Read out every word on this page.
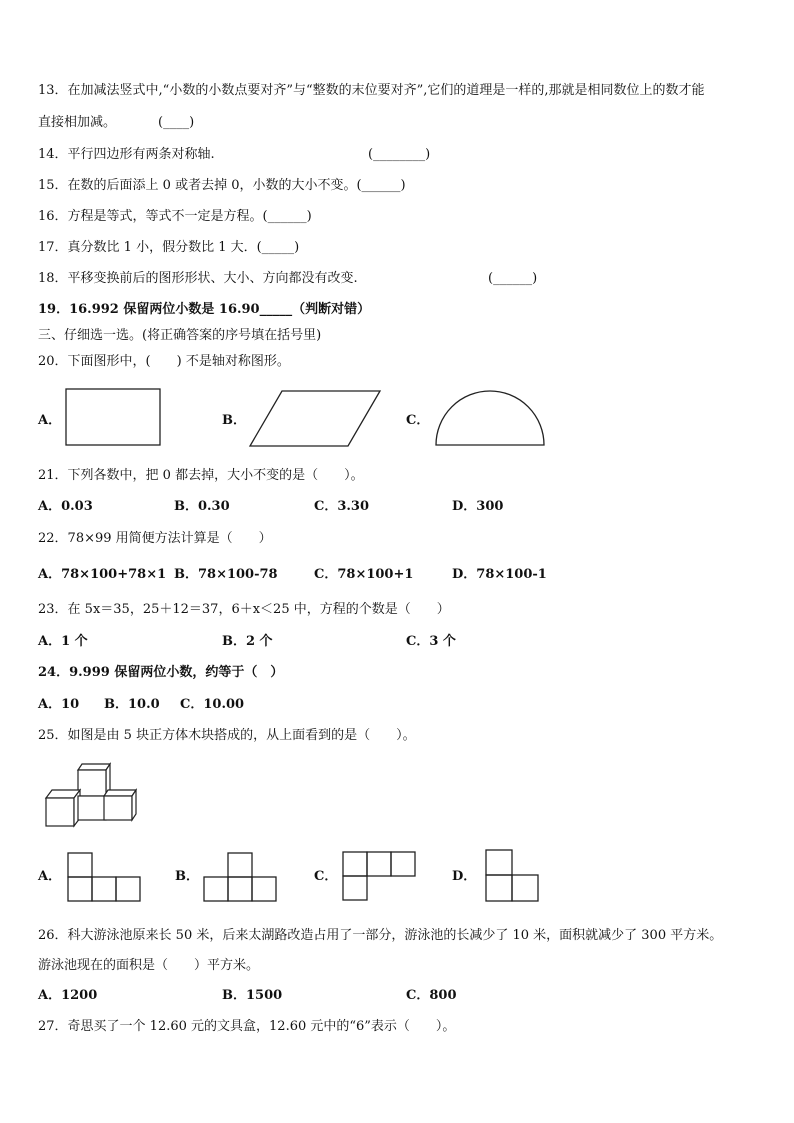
13．在加减法竖式中,“小数的小数点要对齐”与“整数的末位要对齐”,它们的道理是一样的,那就是相同数位上的数才能
直接相加减。	(____)
14．平行四边形有两条对称轴.	(________)
15．在数的后面添上 0 或者去掉 0，小数的大小不变。(______)
16．方程是等式，等式不一定是方程。(______)
17．真分数比 1 小，假分数比 1 大．(_____)
18．平移变换前后的图形形状、大小、方向都没有改变.	(______)
19．16.992 保留两位小数是 16.90_____（判断对错）
三、仔细选一选。(将正确答案的序号填在括号里)
20．下面图形中，(　　) 不是轴对称图形。
A．	B．	C．
21．下列各数中，把 0 都去掉，大小不变的是（　　）。
A．0.03	B．0.30	C．3.30	D．300
22．78×99 用简便方法计算是（　　）
A．78×100+78×1 B．78×100-78	C．78×100+1	D．78×100-1
23．在 5x＝35，25＋12＝37，6＋x＜25 中，方程的个数是（　　）
A．1 个	B．2 个	C．3 个
24．9.999 保留两位小数，约等于（　）
A．10 B．10.0 C．10.00
25．如图是由 5 块正方体木块搭成的，从上面看到的是（　　）。
A．	B．	C．	D．
26．科大游泳池原来长 50 米，后来太湖路改造占用了一部分，游泳池的长减少了 10 米，面积就减少了 300 平方米。
游泳池现在的面积是（　　）平方米。
A．1200	B．1500	C．800
27．奇思买了一个 12.60 元的文具盒，12.60 元中的“6”表示（　　）。
